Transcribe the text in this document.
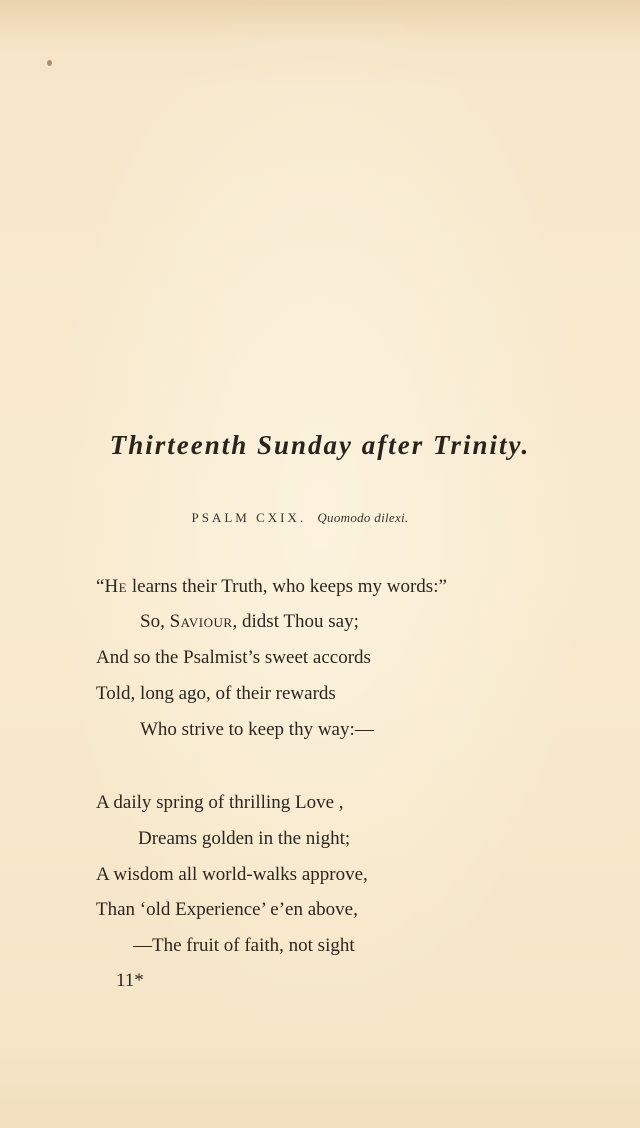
Thirteenth Sunday after Trinity.
PSALM CXIX. Quomodo dilexi.
“He learns their Truth, who keeps my words:”
So, Saviour, didst Thou say;
And so the Psalmist’s sweet accords
Told, long ago, of their rewards
Who strive to keep thy way:—
A daily spring of thrilling Love ,
Dreams golden in the night;
A wisdom all world-walks approve,
Than ‘old Experience’ e’en above,
—The fruit of faith, not sight
11*
